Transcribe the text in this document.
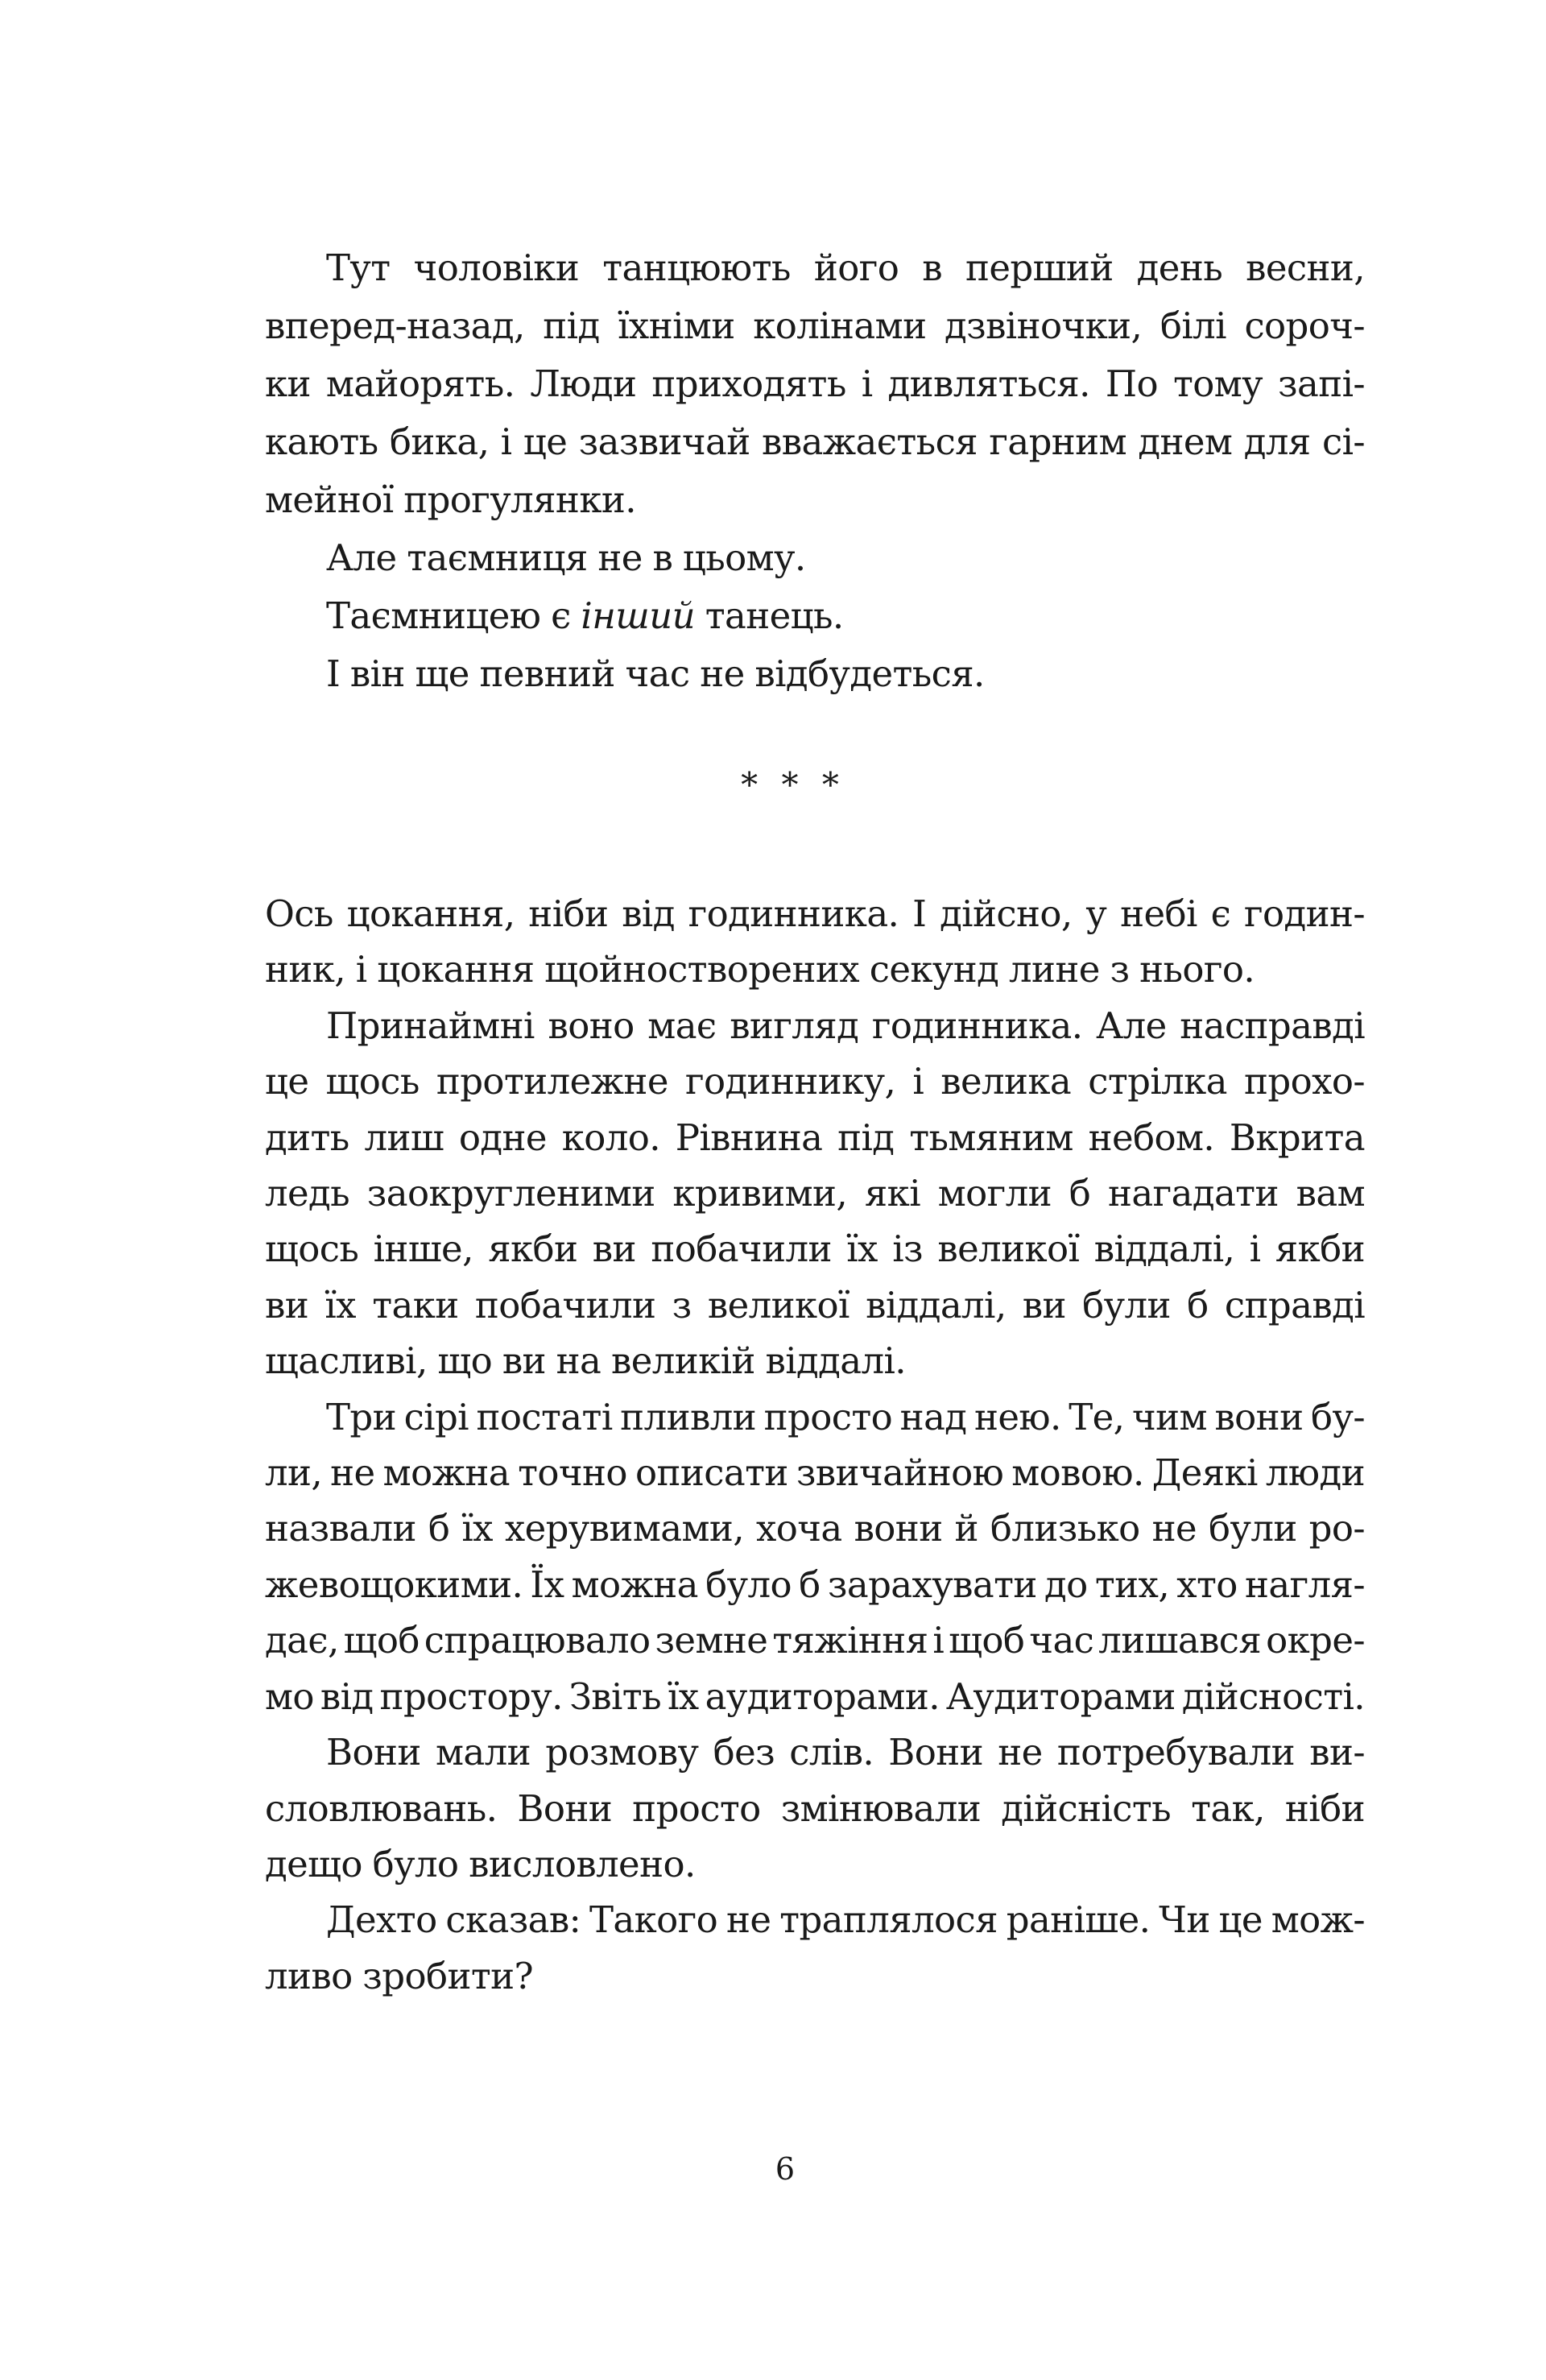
Тут чоловіки танцюють його в перший день весни,
вперед-назад, під їхніми колінами дзвіночки, білі сороч-
ки майорять. Люди приходять і дивляться. По тому запі-
кають бика, і це зазвичай вважається гарним днем для сі-
мейної прогулянки.
Але таємниця не в цьому.
Таємницею є інший танець.
І він ще певний час не відбудеться.
* * *
Ось цокання, ніби від годинника. І дійсно, у небі є годин-
ник, і цокання щойностворених секунд лине з нього.
Принаймні воно має вигляд годинника. Але насправді
це щось протилежне годиннику, і велика стрілка прохо-
дить лиш одне коло. Рівнина під тьмяним небом. Вкрита
ледь заокругленими кривими, які могли б нагадати вам
щось інше, якби ви побачили їх із великої віддалі, і якби
ви їх таки побачили з великої віддалі, ви були б справді
щасливі, що ви на великій віддалі.
Три сірі постаті пливли просто над нею. Те, чим вони бу-
ли, не можна точно описати звичайною мовою. Деякі люди
назвали б їх херувимами, хоча вони й близько не були ро-
жевощокими. Їх можна було б зарахувати до тих, хто нагля-
дає, щоб спрацювало земне тяжіння і щоб час лишався окре-
мо від простору. Звіть їх аудиторами. Аудиторами дійсності.
Вони мали розмову без слів. Вони не потребували ви-
словлювань. Вони просто змінювали дійсність так, ніби
дещо було висловлено.
Дехто сказав: Такого не траплялося раніше. Чи це мож-
ливо зробити?
6
